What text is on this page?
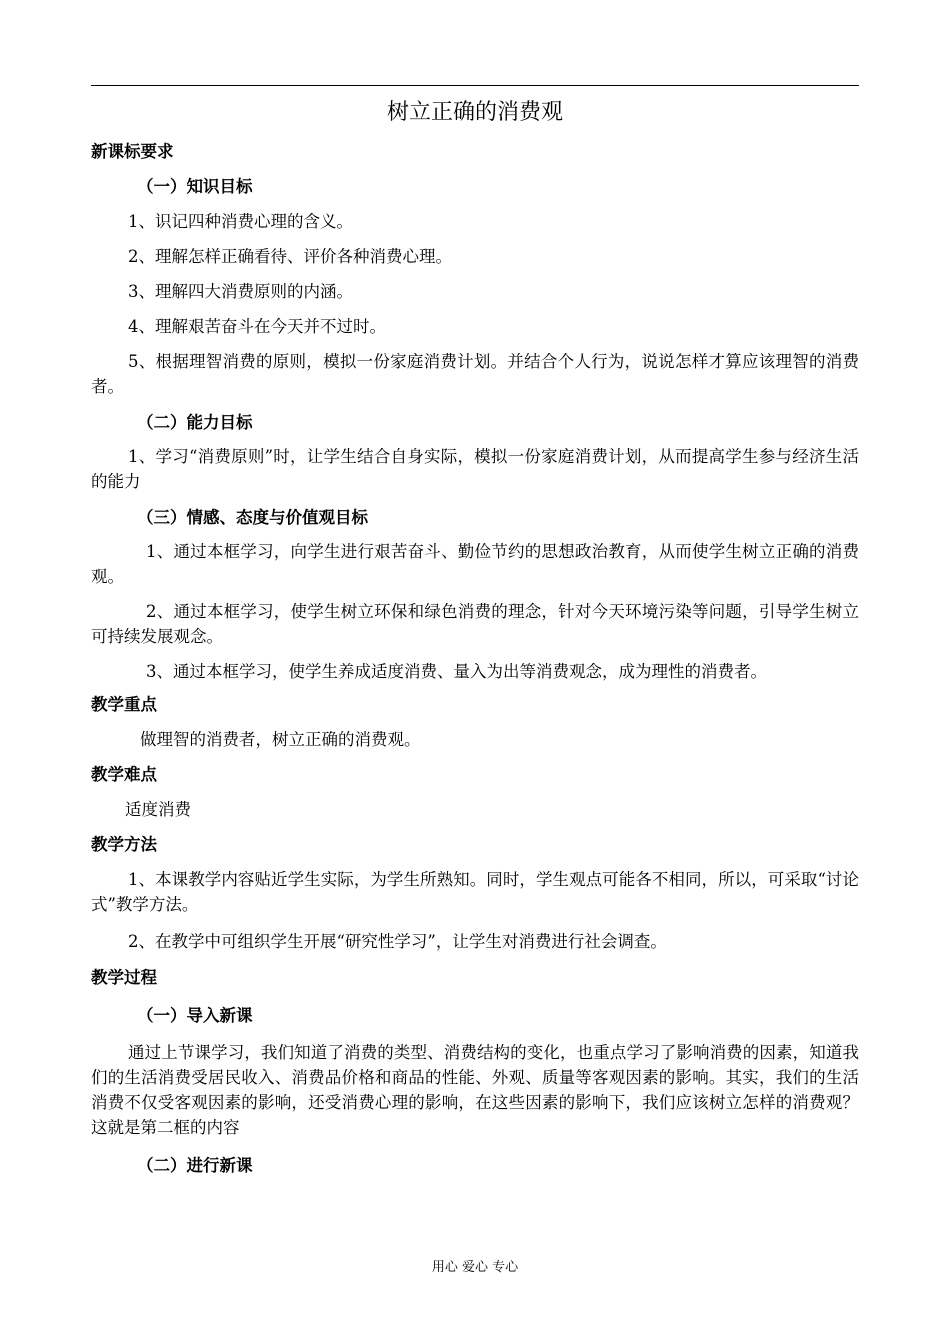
树立正确的消费观

新课标要求

（一）知识目标

1、识记四种消费心理的含义。

2、理解怎样正确看待、评价各种消费心理。

3、理解四大消费原则的内涵。

4、理解艰苦奋斗在今天并不过时。

5、根据理智消费的原则，模拟一份家庭消费计划。并结合个人行为，说说怎样才算应该理智的消费者。

（二）能力目标

1、学习“消费原则”时，让学生结合自身实际，模拟一份家庭消费计划，从而提高学生参与经济生活的能力

（三）情感、态度与价值观目标

1、通过本框学习，向学生进行艰苦奋斗、勤俭节约的思想政治教育，从而使学生树立正确的消费观。

2、通过本框学习，使学生树立环保和绿色消费的理念，针对今天环境污染等问题，引导学生树立可持续发展观念。

3、通过本框学习，使学生养成适度消费、量入为出等消费观念，成为理性的消费者。

教学重点

做理智的消费者，树立正确的消费观。

教学难点

适度消费

教学方法

1、本课教学内容贴近学生实际，为学生所熟知。同时，学生观点可能各不相同，所以，可采取“讨论式”教学方法。

2、在教学中可组织学生开展“研究性学习”，让学生对消费进行社会调查。

教学过程

（一）导入新课

通过上节课学习，我们知道了消费的类型、消费结构的变化，也重点学习了影响消费的因素，知道我们的生活消费受居民收入、消费品价格和商品的性能、外观、质量等客观因素的影响。其实，我们的生活消费不仅受客观因素的影响，还受消费心理的影响，在这些因素的影响下，我们应该树立怎样的消费观？这就是第二框的内容

（二）进行新课

用心 爱心 专心
